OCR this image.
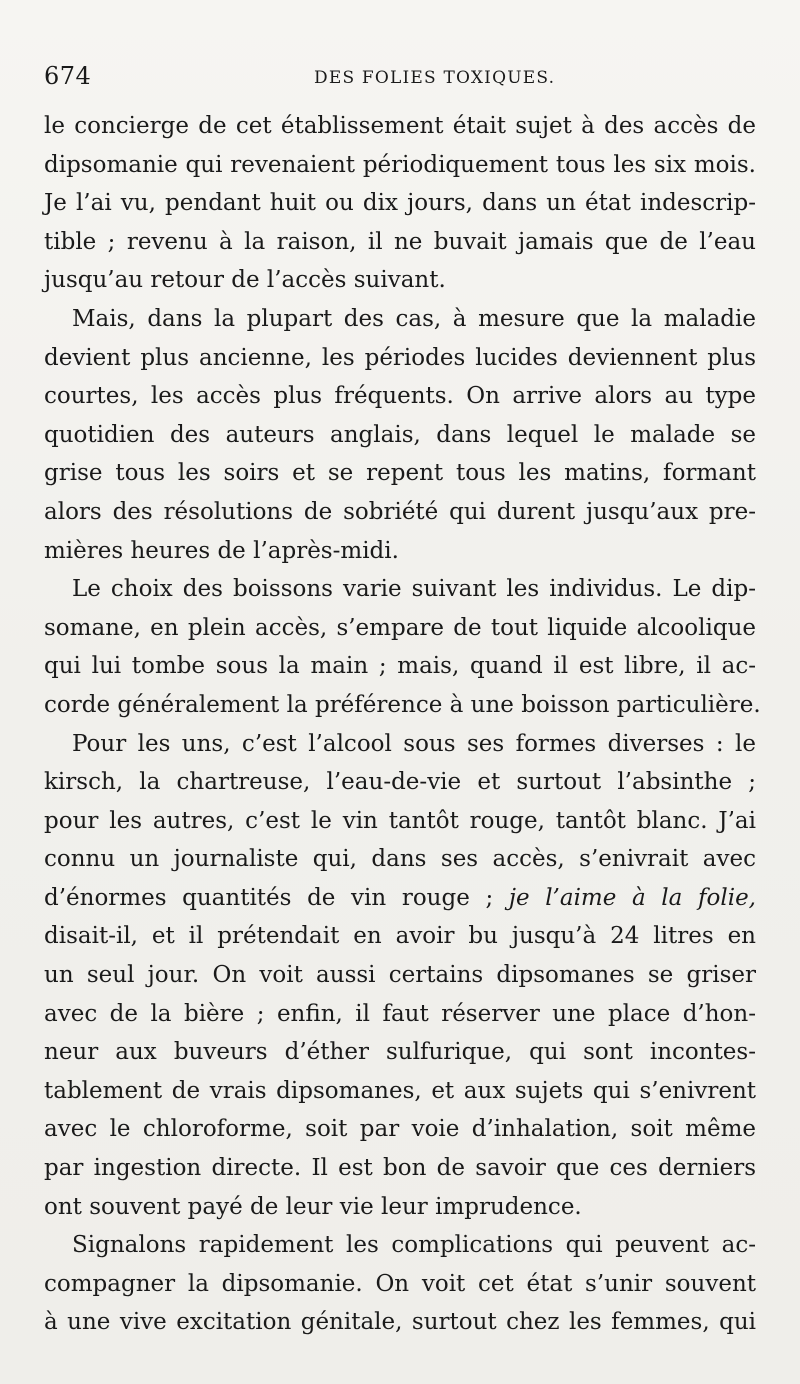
674	DES FOLIES TOXIQUES.
le concierge de cet établissement était sujet à des accès de
dipsomanie qui revenaient périodiquement tous les six mois.
Je l’ai vu, pendant huit ou dix jours, dans un état indescrip-
tible ; revenu à la raison, il ne buvait jamais que de l’eau
jusqu’au retour de l’accès suivant.
Mais, dans la plupart des cas, à mesure que la maladie
devient plus ancienne, les périodes lucides deviennent plus
courtes, les accès plus fréquents. On arrive alors au type
quotidien des auteurs anglais, dans lequel le malade se
grise tous les soirs et se repent tous les matins, formant
alors des résolutions de sobriété qui durent jusqu’aux pre-
mières heures de l’après-midi.
Le choix des boissons varie suivant les individus. Le dip-
somane, en plein accès, s’empare de tout liquide alcoolique
qui lui tombe sous la main ; mais, quand il est libre, il ac-
corde généralement la préférence à une boisson particulière.
Pour les uns, c’est l’alcool sous ses formes diverses : le
kirsch, la chartreuse, l’eau-de-vie et surtout l’absinthe ;
pour les autres, c’est le vin tantôt rouge, tantôt blanc. J’ai
connu un journaliste qui, dans ses accès, s’enivrait avec
d’énormes quantités de vin rouge ; je l’aime à la folie,
disait-il, et il prétendait en avoir bu jusqu’à 24 litres en
un seul jour. On voit aussi certains dipsomanes se griser
avec de la bière ; enfin, il faut réserver une place d’hon-
neur aux buveurs d’éther sulfurique, qui sont incontes-
tablement de vrais dipsomanes, et aux sujets qui s’enivrent
avec le chloroforme, soit par voie d’inhalation, soit même
par ingestion directe. Il est bon de savoir que ces derniers
ont souvent payé de leur vie leur imprudence.
Signalons rapidement les complications qui peuvent ac-
compagner la dipsomanie. On voit cet état s’unir souvent
à une vive excitation génitale, surtout chez les femmes, qui
